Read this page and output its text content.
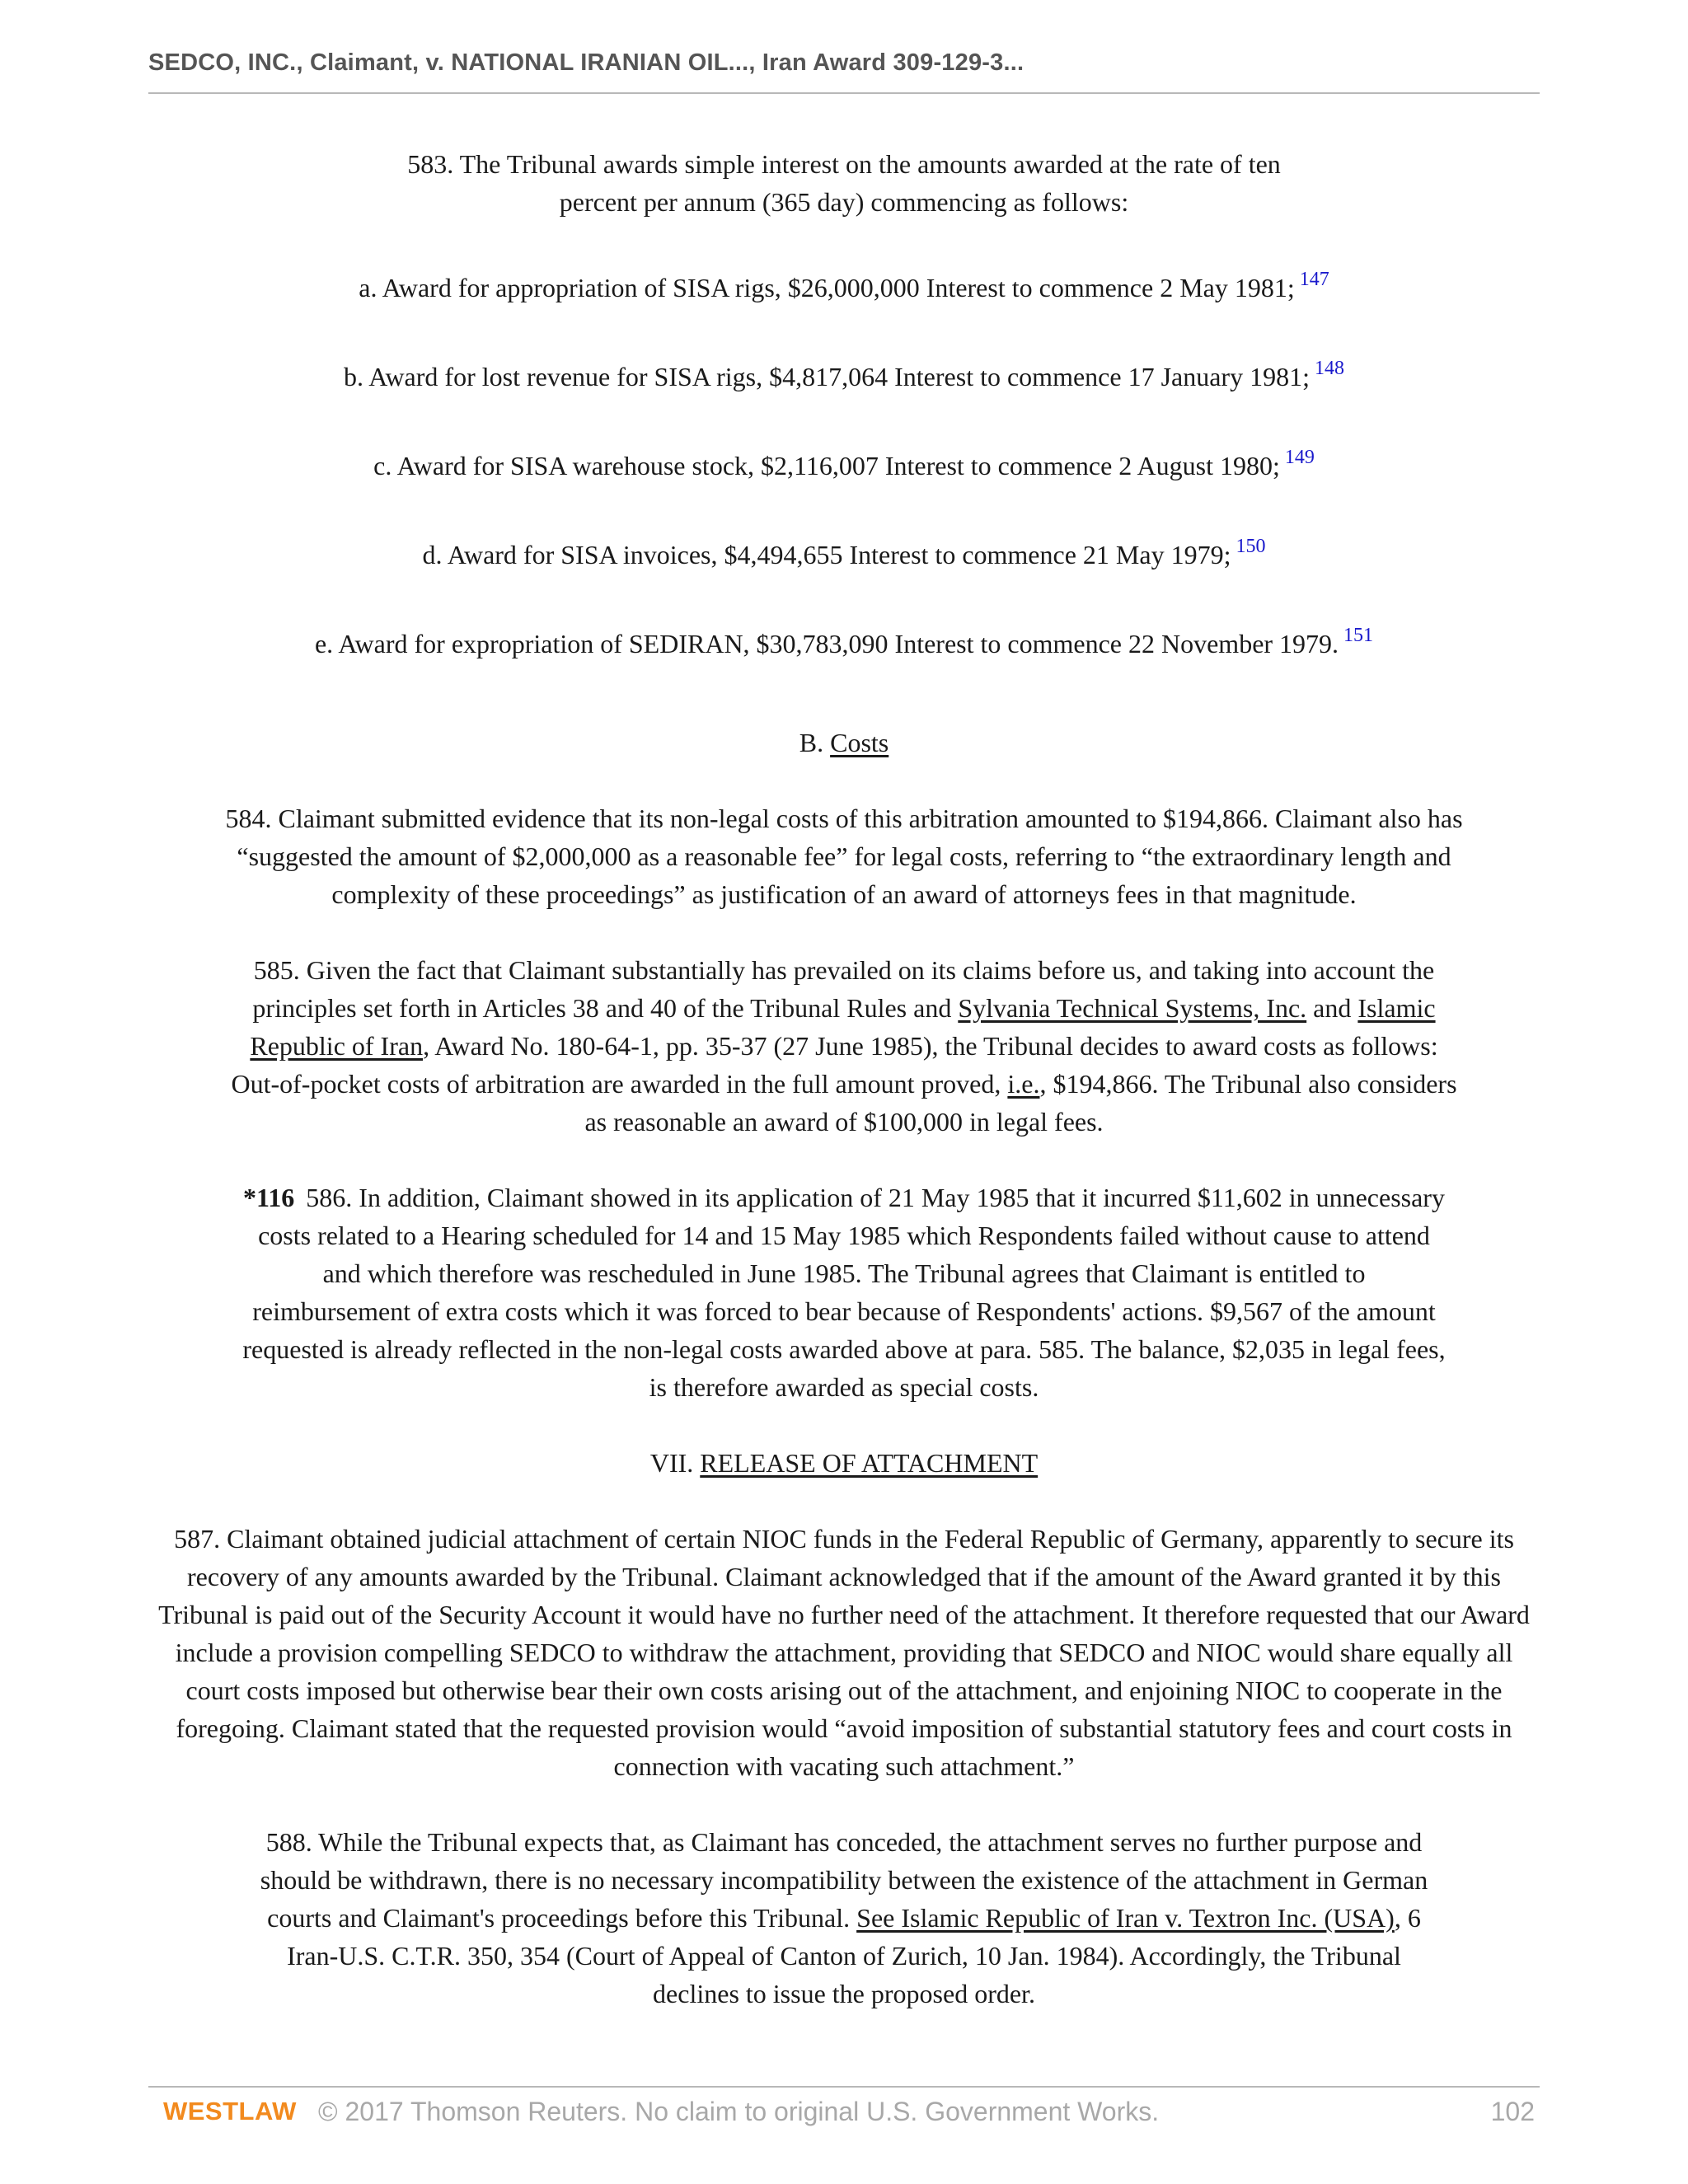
SEDCO, INC., Claimant, v. NATIONAL IRANIAN OIL..., Iran Award 309-129-3...

583. The Tribunal awards simple interest on the amounts awarded at the rate of ten percent per annum (365 day) commencing as follows:

a. Award for appropriation of SISA rigs, $26,000,000 Interest to commence 2 May 1981; $^{147}$

b. Award for lost revenue for SISA rigs, $4,817,064 Interest to commence 17 January 1981; $^{148}$

c. Award for SISA warehouse stock, $2,116,007 Interest to commence 2 August 1980; $^{149}$

d. Award for SISA invoices, $4,494,655 Interest to commence 21 May 1979; $^{150}$

e. Award for expropriation of SEDIRAN, $30,783,090 Interest to commence 22 November 1979. $^{151}$

B. Costs

584. Claimant submitted evidence that its non-legal costs of this arbitration amounted to $194,866. Claimant also has “suggested the amount of $2,000,000 as a reasonable fee” for legal costs, referring to “the extraordinary length and complexity of these proceedings” as justification of an award of attorneys fees in that magnitude.

585. Given the fact that Claimant substantially has prevailed on its claims before us, and taking into account the principles set forth in Articles 38 and 40 of the Tribunal Rules and Sylvania Technical Systems, Inc. and Islamic Republic of Iran, Award No. 180-64-1, pp. 35-37 (27 June 1985), the Tribunal decides to award costs as follows: Out-of-pocket costs of arbitration are awarded in the full amount proved, i.e., $194,866. The Tribunal also considers as reasonable an award of $100,000 in legal fees.

*116 586. In addition, Claimant showed in its application of 21 May 1985 that it incurred $11,602 in unnecessary costs related to a Hearing scheduled for 14 and 15 May 1985 which Respondents failed without cause to attend and which therefore was rescheduled in June 1985. The Tribunal agrees that Claimant is entitled to reimbursement of extra costs which it was forced to bear because of Respondents' actions. $9,567 of the amount requested is already reflected in the non-legal costs awarded above at para. 585. The balance, $2,035 in legal fees, is therefore awarded as special costs.

VII. RELEASE OF ATTACHMENT

587. Claimant obtained judicial attachment of certain NIOC funds in the Federal Republic of Germany, apparently to secure its recovery of any amounts awarded by the Tribunal. Claimant acknowledged that if the amount of the Award granted it by this Tribunal is paid out of the Security Account it would have no further need of the attachment. It therefore requested that our Award include a provision compelling SEDCO to withdraw the attachment, providing that SEDCO and NIOC would share equally all court costs imposed but otherwise bear their own costs arising out of the attachment, and enjoining NIOC to cooperate in the foregoing. Claimant stated that the requested provision would “avoid imposition of substantial statutory fees and court costs in connection with vacating such attachment.”

588. While the Tribunal expects that, as Claimant has conceded, the attachment serves no further purpose and should be withdrawn, there is no necessary incompatibility between the existence of the attachment in German courts and Claimant's proceedings before this Tribunal. See Islamic Republic of Iran v. Textron Inc. (USA), 6 Iran-U.S. C.T.R. 350, 354 (Court of Appeal of Canton of Zurich, 10 Jan. 1984). Accordingly, the Tribunal declines to issue the proposed order.

WESTLAW © 2017 Thomson Reuters. No claim to original U.S. Government Works.	102
